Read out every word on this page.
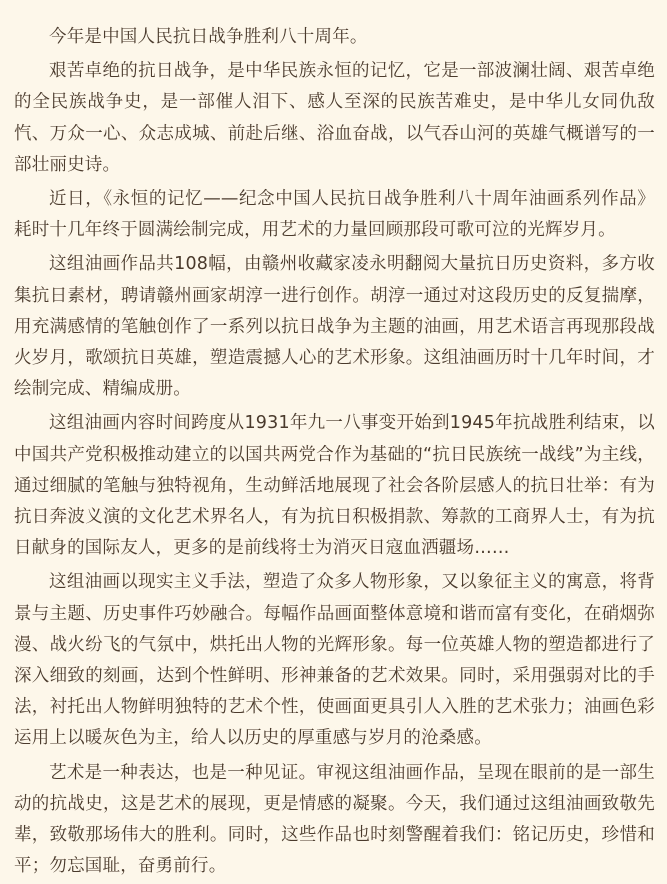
今年是中国人民抗日战争胜利八十周年。

艰苦卓绝的抗日战争，是中华民族永恒的记忆，它是一部波澜壮阔、艰苦卓绝的全民族战争史，是一部催人泪下、感人至深的民族苦难史，是中华儿女同仇敌忾、万众一心、众志成城、前赴后继、浴血奋战，以气吞山河的英雄气概谱写的一部壮丽史诗。

近日，《永恒的记忆——纪念中国人民抗日战争胜利八十周年油画系列作品》耗时十几年终于圆满绘制完成，用艺术的力量回顾那段可歌可泣的光辉岁月。

这组油画作品共108幅，由赣州收藏家凌永明翻阅大量抗日历史资料，多方收集抗日素材，聘请赣州画家胡淳一进行创作。胡淳一通过对这段历史的反复揣摩，用充满感情的笔触创作了一系列以抗日战争为主题的油画，用艺术语言再现那段战火岁月，歌颂抗日英雄，塑造震撼人心的艺术形象。这组油画历时十几年时间，才绘制完成、精编成册。

这组油画内容时间跨度从1931年九一八事变开始到1945年抗战胜利结束，以中国共产党积极推动建立的以国共两党合作为基础的“抗日民族统一战线”为主线，通过细腻的笔触与独特视角，生动鲜活地展现了社会各阶层感人的抗日壮举：有为抗日奔波义演的文化艺术界名人，有为抗日积极捐款、筹款的工商界人士，有为抗日献身的国际友人，更多的是前线将士为消灭日寇血洒疆场……

这组油画以现实主义手法，塑造了众多人物形象，又以象征主义的寓意，将背景与主题、历史事件巧妙融合。每幅作品画面整体意境和谐而富有变化，在硝烟弥漫、战火纷飞的气氛中，烘托出人物的光辉形象。每一位英雄人物的塑造都进行了深入细致的刻画，达到个性鲜明、形神兼备的艺术效果。同时，采用强弱对比的手法，衬托出人物鲜明独特的艺术个性，使画面更具引人入胜的艺术张力；油画色彩运用上以暖灰色为主，给人以历史的厚重感与岁月的沧桑感。

艺术是一种表达，也是一种见证。审视这组油画作品，呈现在眼前的是一部生动的抗战史，这是艺术的展现，更是情感的凝聚。今天，我们通过这组油画致敬先辈，致敬那场伟大的胜利。同时，这些作品也时刻警醒着我们：铭记历史，珍惜和平；勿忘国耻，奋勇前行。
